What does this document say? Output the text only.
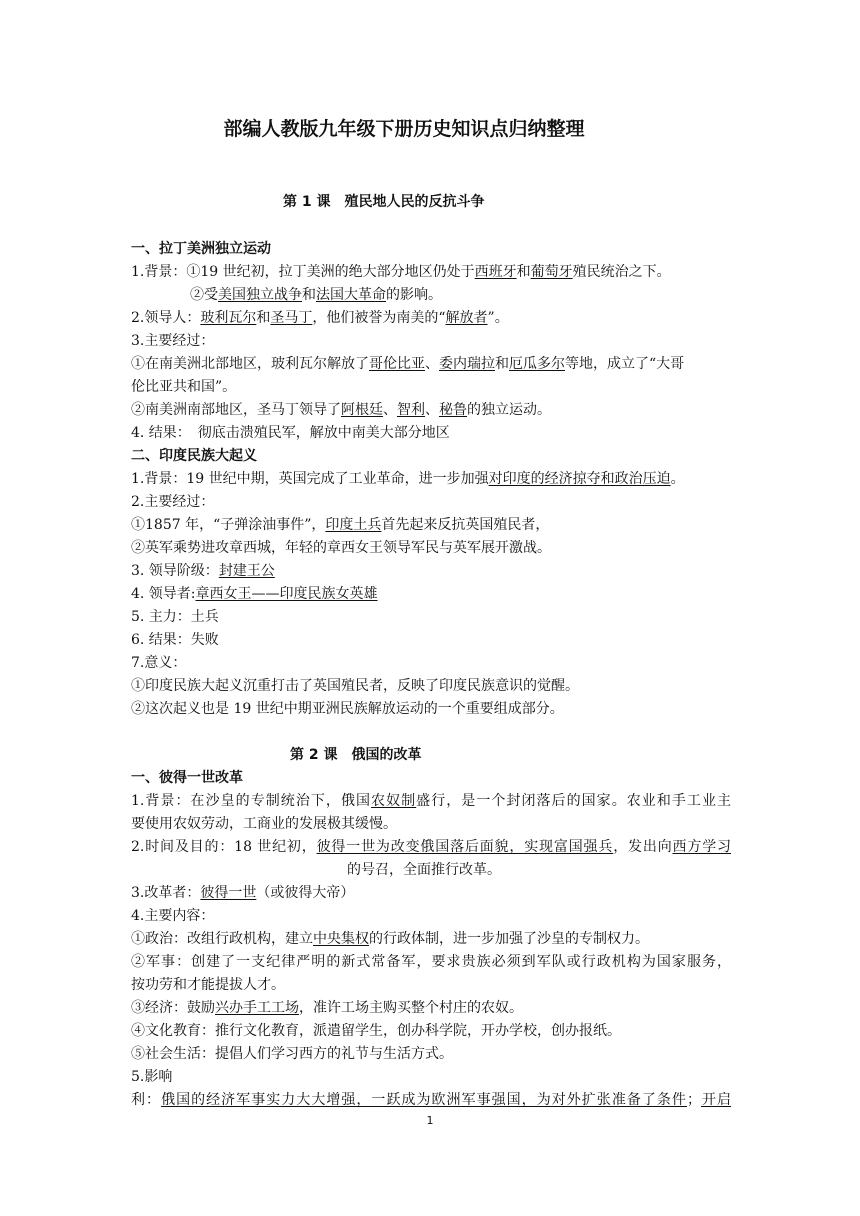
部编人教版九年级下册历史知识点归纳整理
第 1 课 殖民地人民的反抗斗争
一、拉丁美洲独立运动
1.背景：①19 世纪初，拉丁美洲的绝大部分地区仍处于西班牙和葡萄牙殖民统治之下。
②受美国独立战争和法国大革命的影响。
2.领导人：玻利瓦尔和圣马丁，他们被誉为南美的“解放者”。
3.主要经过：
①在南美洲北部地区，玻利瓦尔解放了哥伦比亚、委内瑞拉和厄瓜多尔等地，成立了“大哥
伦比亚共和国”。
②南美洲南部地区，圣马丁领导了阿根廷、智利、秘鲁的独立运动。
4. 结果：　彻底击溃殖民军，解放中南美大部分地区
二、印度民族大起义
1.背景：19 世纪中期，英国完成了工业革命，进一步加强对印度的经济掠夺和政治压迫。
2.主要经过：
①1857 年，“子弹涂油事件”，印度土兵首先起来反抗英国殖民者，
②英军乘势进攻章西城，年轻的章西女王领导军民与英军展开激战。
3. 领导阶级：封建王公
4. 领导者:章西女王——印度民族女英雄
5. 主力：土兵
6. 结果：失败
7.意义：
①印度民族大起义沉重打击了英国殖民者，反映了印度民族意识的觉醒。
②这次起义也是 19 世纪中期亚洲民族解放运动的一个重要组成部分。
第 2 课 俄国的改革
一、彼得一世改革
1.背景：在沙皇的专制统治下，俄国农奴制盛行，是一个封闭落后的国家。农业和手工业主
要使用农奴劳动，工商业的发展极其缓慢。
2.时间及目的：18 世纪初，彼得一世为改变俄国落后面貌，实现富国强兵，发出向西方学习
的号召，全面推行改革。
3.改革者：彼得一世（或彼得大帝）
4.主要内容：
①政治：改组行政机构，建立中央集权的行政体制，进一步加强了沙皇的专制权力。
②军事：创建了一支纪律严明的新式常备军，要求贵族必须到军队或行政机构为国家服务，
按功劳和才能提拔人才。
③经济：鼓励兴办手工工场，准许工场主购买整个村庄的农奴。
④文化教育：推行文化教育，派遣留学生，创办科学院，开办学校，创办报纸。
⑤社会生活：提倡人们学习西方的礼节与生活方式。
5.影响
利：俄国的经济军事实力大大增强，一跃成为欧洲军事强国，为对外扩张准备了条件；开启
1
